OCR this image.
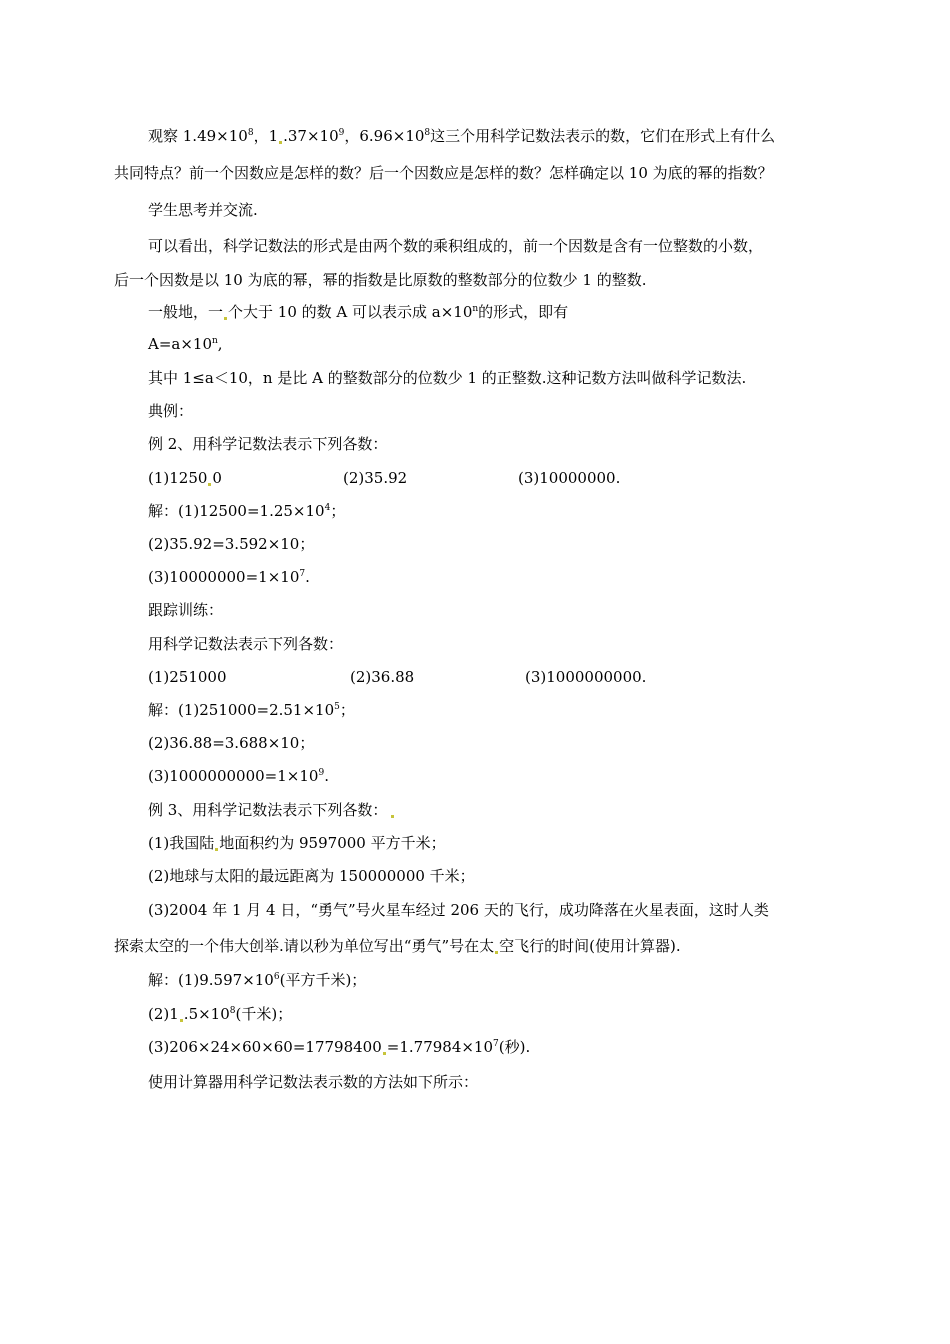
观察 $1.49\times 10^8$，1 $.37\times 10^9$，$6.96\times 10^8$这三个用科学记数法表示的数，它们在形式上有什么
共同特点？前一个因数应是怎样的数？后一个因数应是怎样的数？怎样确定以 10 为底的幂的指数？
学生思考并交流.
可以看出，科学记数法的形式是由两个数的乘积组成的，前一个因数是含有一位整数的小数，
后一个因数是以 10 为底的幂，幂的指数是比原数的整数部分的位数少 1 的整数.
一般地，一 个大于 10 的数 A 可以表示成 $a\times 10^n$的形式，即有
$A=a\times 10^n$,
其中 1≤a＜10，n 是比 A 的整数部分的位数少 1 的正整数.这种记数方法叫做科学记数法.
典例：
例 2、用科学记数法表示下列各数：
(1)1250 0	(2)35.92	(3)10000000.
解：$(1)12500=1.25\times 10^4$；
(2)35.92=3.592×10；
$(3)10000000=1\times 10^7$.
跟踪训练：
用科学记数法表示下列各数：
(1)251000	(2)36.88	(3)1000000000.
解：$(1)251000=2.51\times 10^5$；
(2)36.88=3.688×10；
$(3)1000000000=1\times 10^9$.
例 3、用科学记数法表示下列各数：
(1)我国陆 地面积约为 9597000 平方千米；
(2)地球与太阳的最远距离为 150000000 千米；
(3)2004 年 1 月 4 日，“勇气”号火星车经过 206 天的飞行，成功降落在火星表面，这时人类
探索太空的一个伟大创举.请以秒为单位写出“勇气”号在太 空飞行的时间(使用计算器).
解：$(1)9.597\times 10^6$(平方千米)；
(2)1 $.5\times 10^8$(千米)；
$(3)206\times 24\times 60\times 60=17798400 =1.77984\times 10^7$(秒).
使用计算器用科学记数法表示数的方法如下所示：
